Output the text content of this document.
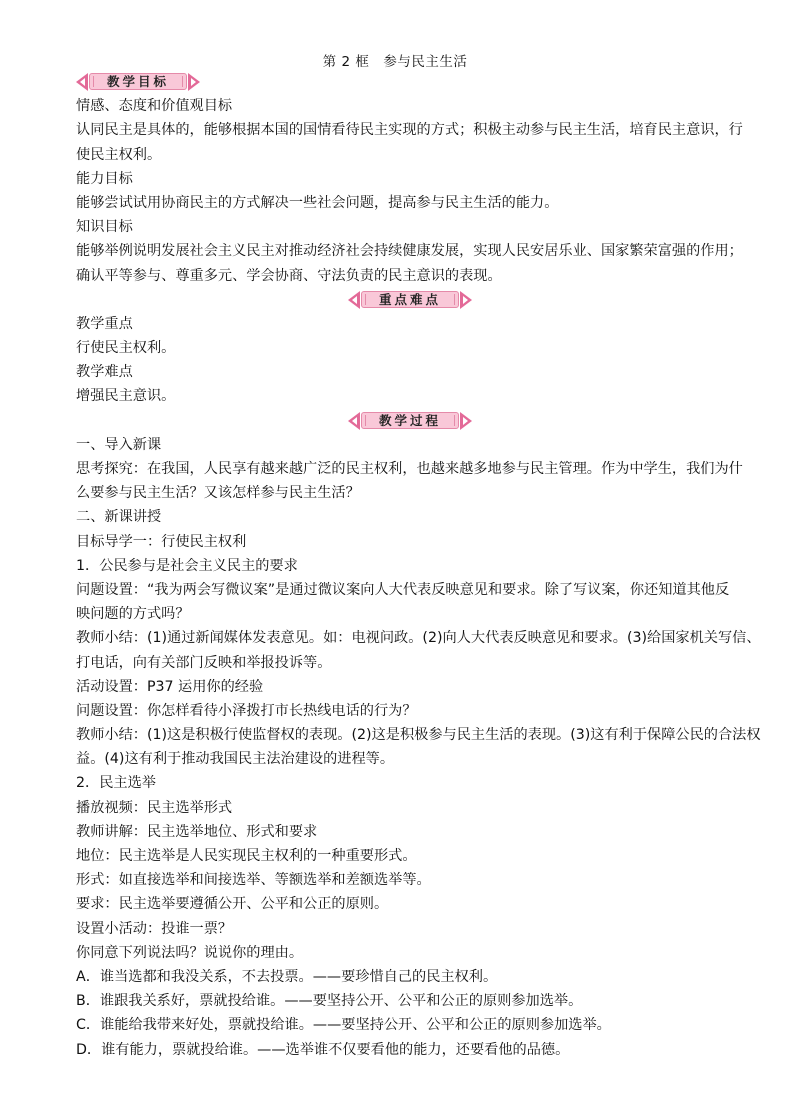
第 2 框　参与民主生活
教学目标
情感、态度和价值观目标
认同民主是具体的，能够根据本国的国情看待民主实现的方式；积极主动参与民主生活，培育民主意识，行
使民主权利。
能力目标
能够尝试试用协商民主的方式解决一些社会问题，提高参与民主生活的能力。
知识目标
能够举例说明发展社会主义民主对推动经济社会持续健康发展，实现人民安居乐业、国家繁荣富强的作用；
确认平等参与、尊重多元、学会协商、守法负责的民主意识的表现。
重点难点
教学重点
行使民主权利。
教学难点
增强民主意识。
教学过程
一、导入新课
思考探究：在我国，人民享有越来越广泛的民主权利，也越来越多地参与民主管理。作为中学生，我们为什
么要参与民主生活？又该怎样参与民主生活？
二、新课讲授
目标导学一：行使民主权利
1．公民参与是社会主义民主的要求
问题设置：“我为两会写微议案”是通过微议案向人大代表反映意见和要求。除了写议案，你还知道其他反
映问题的方式吗？
教师小结：(1)通过新闻媒体发表意见。如：电视问政。(2)向人大代表反映意见和要求。(3)给国家机关写信、
打电话，向有关部门反映和举报投诉等。
活动设置：P37 运用你的经验
问题设置：你怎样看待小泽拨打市长热线电话的行为？
教师小结：(1)这是积极行使监督权的表现。(2)这是积极参与民主生活的表现。(3)这有利于保障公民的合法权
益。(4)这有利于推动我国民主法治建设的进程等。
2．民主选举
播放视频：民主选举形式
教师讲解：民主选举地位、形式和要求
地位：民主选举是人民实现民主权利的一种重要形式。
形式：如直接选举和间接选举、等额选举和差额选举等。
要求：民主选举要遵循公开、公平和公正的原则。
设置小活动：投谁一票？
你同意下列说法吗？说说你的理由。
A．谁当选都和我没关系，不去投票。——要珍惜自己的民主权利。
B．谁跟我关系好，票就投给谁。——要坚持公开、公平和公正的原则参加选举。
C．谁能给我带来好处，票就投给谁。——要坚持公开、公平和公正的原则参加选举。
D．谁有能力，票就投给谁。——选举谁不仅要看他的能力，还要看他的品德。
